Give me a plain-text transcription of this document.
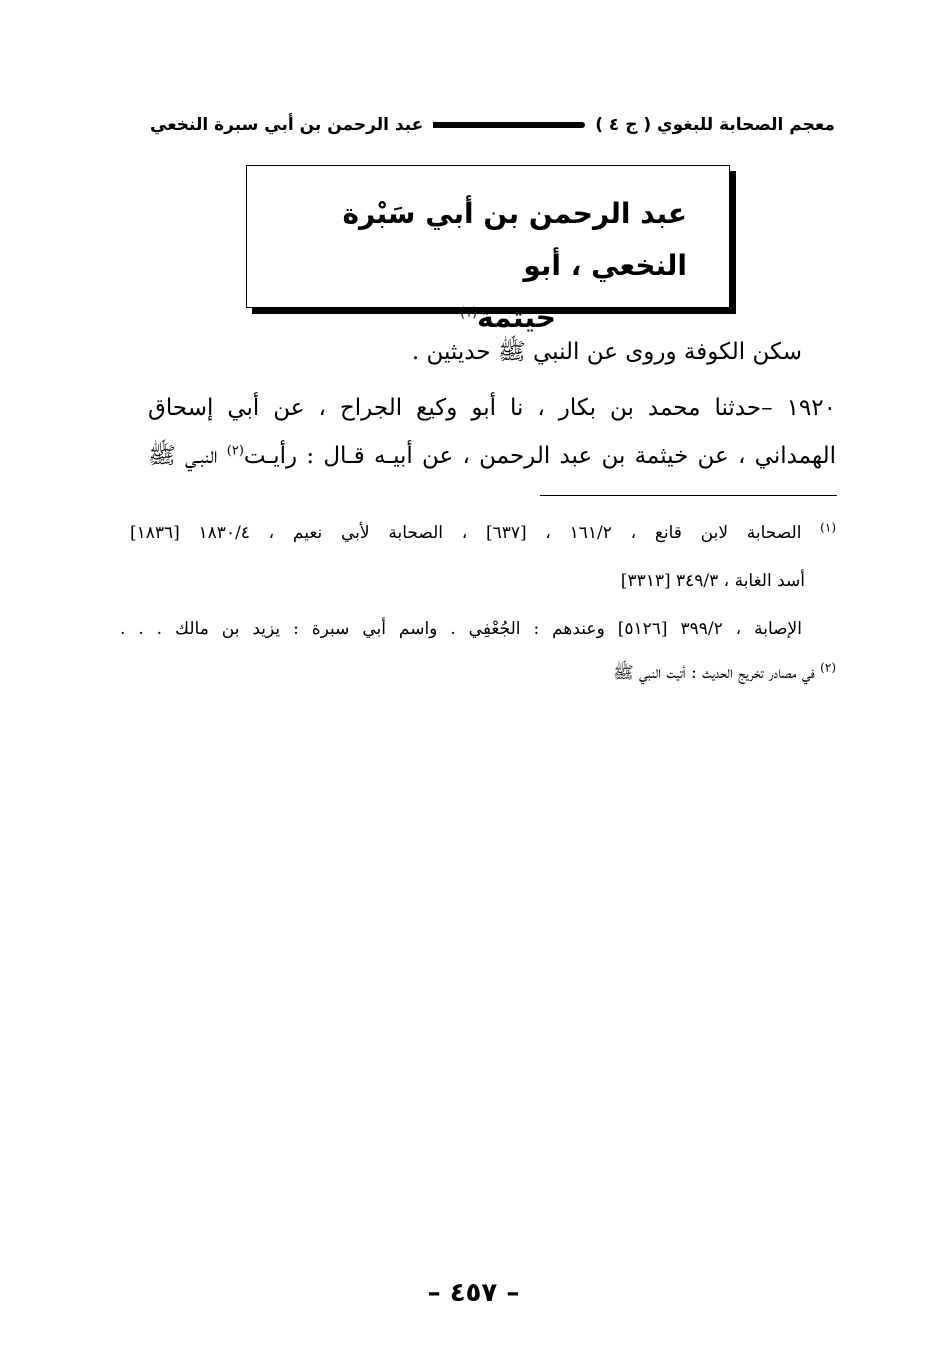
معجم الصحابة للبغوي ( ج ٤ )
عبد الرحمن بن أبي سبرة النخعي
عبد الرحمن بن أبي سَبْرة النخعي ، أبو
خيثمة$^{(١)}$
سكن الكوفة وروى عن النبي ﷺ حديثين .
١٩٢٠ –حدثنا محمد بن بكار ، نا أبو وكيع الجراح ، عن أبي إسحاق
الهمداني ، عن خيثمة بن عبد الرحمن ، عن أبيـه قـال : رأيـت$^{(٢)}$ النبـي ﷺ
$^{(١)}$ الصحابة لابن قانع ، ١٦١/٢ ، [٦٣٧] ، الصحابة لأبي نعيم ، ١٨٣٠/٤ [١٨٣٦]
أسد الغابة ، ٣٤٩/٣ [٣٣١٣]
الإصابة ، ٣٩٩/٢ [٥١٢٦] وعندهم : الجُعْفِي . واسم أبي سبرة : يزيد بن مالك . . .
$^{(٢)}$ في مصادر تخريج الحديث : أتيت النبي ﷺ
– ٤٥٧ –
